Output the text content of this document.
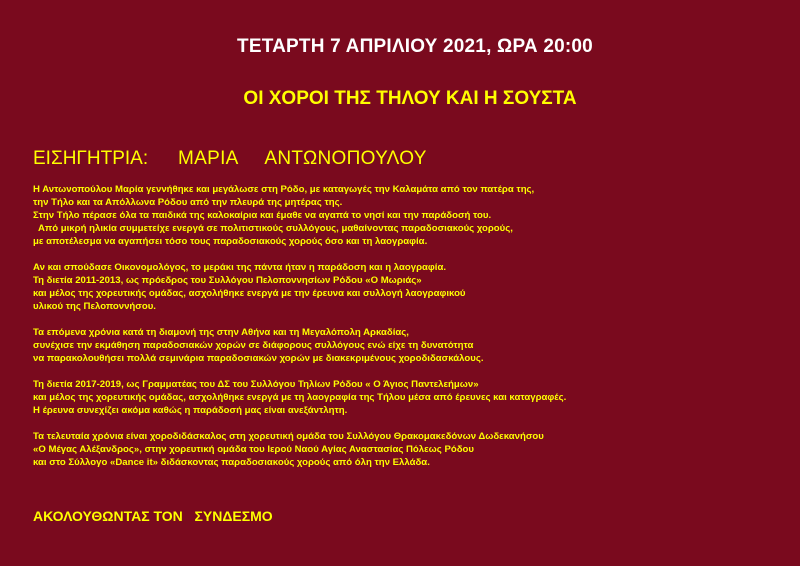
ΤΕΤΑΡΤΗ 7 ΑΠΡΙΛΙΟΥ 2021, ΩΡΑ 20:00
ΟΙ ΧΟΡΟΙ ΤΗΣ ΤΗΛΟΥ ΚΑΙ Η ΣΟΥΣΤΑ
ΕΙΣΗΓΗΤΡΙΑ: ΜΑΡΙΑ     ΑΝΤΩΝΟΠΟΥΛΟΥ

Η Αντωνοπούλου Μαρία γεννήθηκε και μεγάλωσε στη Ρόδο, με καταγωγές την Καλαμάτα από τον πατέρα της,
την Τήλο και τα Απόλλωνα Ρόδου από την πλευρά της μητέρας της.
Στην Τήλο πέρασε όλα τα παιδικά της καλοκαίρια και έμαθε να αγαπά το νησί και την παράδοσή του.
Από μικρή ηλικία συμμετείχε ενεργά σε πολιτιστικούς συλλόγους, μαθαίνοντας παραδοσιακούς χορούς,
με αποτέλεσμα να αγαπήσει τόσο τους παραδοσιακούς χορούς όσο και τη λαογραφία.

Αν και σπούδασε Οικονομολόγος, το μεράκι της πάντα ήταν η παράδοση και η λαογραφία.
Τη διετία 2011-2013, ως πρόεδρος του Συλλόγου Πελοποννησίων Ρόδου «Ο Μωριάς»
και μέλος της χορευτικής ομάδας, ασχολήθηκε ενεργά με την έρευνα και συλλογή λαογραφικού
υλικού της Πελοποννήσου.

Τα επόμενα χρόνια κατά τη διαμονή της στην Αθήνα και τη Μεγαλόπολη Αρκαδίας,
συνέχισε την εκμάθηση παραδοσιακών χορών σε διάφορους συλλόγους ενώ είχε τη δυνατότητα
να παρακολουθήσει πολλά σεμινάρια παραδοσιακών χορών με διακεκριμένους χοροδιδασκάλους.

Τη διετία 2017-2019, ως Γραμματέας του ΔΣ του Συλλόγου Τηλίων Ρόδου « Ο Άγιος Παντελεήμων»
και μέλος της χορευτικής ομάδας, ασχολήθηκε ενεργά με τη λαογραφία της Τήλου μέσα από έρευνες και καταγραφές.
Η έρευνα συνεχίζει ακόμα καθώς η παράδοσή μας είναι ανεξάντλητη.

Τα τελευταία χρόνια είναι χοροδιδάσκαλος στη χορευτική ομάδα του Συλλόγου Θρακομακεδόνων Δωδεκανήσου
«Ο Μέγας Αλέξανδρος», στην χορευτική ομάδα του Ιερού Ναού Αγίας Αναστασίας Πόλεως Ρόδου
και στο Σύλλογο «Dance it» διδάσκοντας παραδοσιακούς χορούς από όλη την Ελλάδα.

ΑΚΟΛΟΥΘΩΝΤΑΣ ΤΟΝ   ΣΥΝΔΕΣΜΟ
